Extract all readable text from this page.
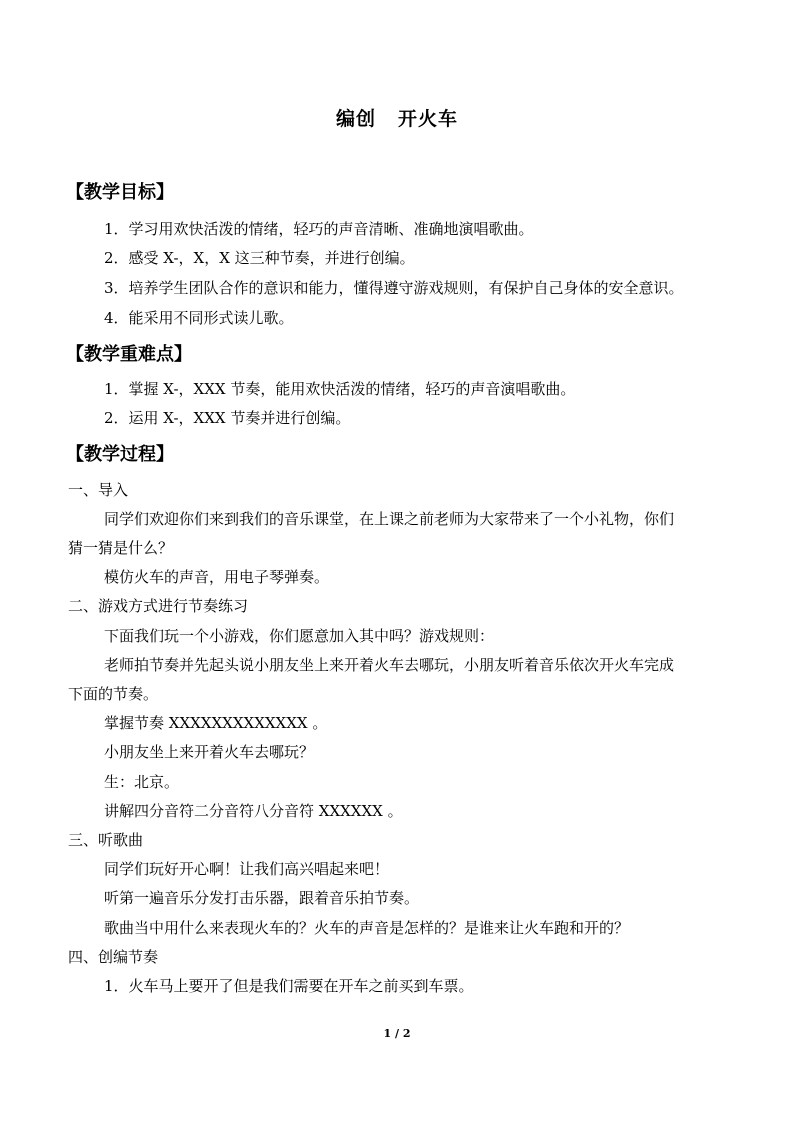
编创 开火车
【教学目标】
1．学习用欢快活泼的情绪，轻巧的声音清晰、准确地演唱歌曲。
2．感受 X-，X，X 这三种节奏，并进行创编。
3．培养学生团队合作的意识和能力，懂得遵守游戏规则，有保护自己身体的安全意识。
4．能采用不同形式读儿歌。
【教学重难点】
1．掌握 X-，XXX 节奏，能用欢快活泼的情绪，轻巧的声音演唱歌曲。
2．运用 X-，XXX 节奏并进行创编。
【教学过程】
一、导入
同学们欢迎你们来到我们的音乐课堂，在上课之前老师为大家带来了一个小礼物，你们
猜一猜是什么？
模仿火车的声音，用电子琴弹奏。
二、游戏方式进行节奏练习
下面我们玩一个小游戏，你们愿意加入其中吗？游戏规则：
老师拍节奏并先起头说小朋友坐上来开着火车去哪玩，小朋友听着音乐依次开火车完成
下面的节奏。
掌握节奏 XXXXXXXXXXXXX 。
小朋友坐上来开着火车去哪玩？
生：北京。
讲解四分音符二分音符八分音符 XXXXXX 。
三、听歌曲
同学们玩好开心啊！让我们高兴唱起来吧！
听第一遍音乐分发打击乐器，跟着音乐拍节奏。
歌曲当中用什么来表现火车的？火车的声音是怎样的？是谁来让火车跑和开的？
四、创编节奏
1．火车马上要开了但是我们需要在开车之前买到车票。
1 / 2
